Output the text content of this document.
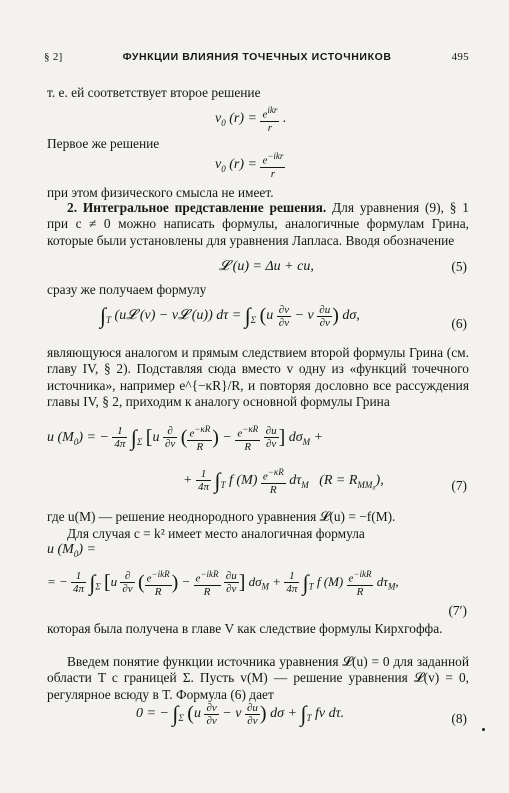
§ 2]	ФУНКЦИИ ВЛИЯНИЯ ТОЧЕЧНЫХ ИСТОЧНИКОВ	495
т. е. ей соответствует второе решение
$v_0$ $(r) = \frac{e^{ikr}}{r}$ .
Первое же решение
$v_0$ $(r) = \frac{e^{-ikr}}{r}$
при этом физического смысла не имеет.

2. Интегральное представление решения. Для уравнения (9), § 1 при c ≠ 0 можно написать формулы, аналогичные формулам Грина, которые были установлены для уравнения Лапласа. Вводя обозначение

𝓛 (u) = Δu + cu,	(5)
сразу же получаем формулу
$\int_T$ (u𝓛 (v) − v𝓛 (u)) $d\tau = \int_\Sigma$ ($u \frac{\partial v}{\partial\nu} - v \frac{\partial u}{\partial\nu}$ ) dσ,
(6)

являющуюся аналогом и прямым следствием второй формулы Грина (см. главу IV, § 2). Подставляя сюда вместо v одну из «функций точечного источника», например e^{−κR}/R, и повторяя дословно все рассуждения главы IV, § 2, приходим к аналогу основной формулы Грина

u $(M_0)$ = − $\frac{1}{4\pi} \int_\Sigma$ [$u \frac{\partial}{\partial\nu}$ ( $\frac{e^{-\kappa R}}{R}$ ) − $\frac{e^{-\kappa R}}{R}$
$\frac{\partial u}{\partial\nu}$ ] $d\sigma_M$ +
+ $\frac{1}{4\pi} \int_T$ f $(M) \frac{e^{-\kappa R}}{R} d\tau_M$   $(R = R_{MM_0})$,	(7)
где u(M) — решение неоднородного уравнения 𝓛(u) = −f(M).
Для случая c = k² имеет место аналогичная формула
u $(M_0)$ =
= − $\frac{1}{4\pi} \int_\Sigma$ [$u \frac{\partial}{\partial\nu}$ ( $\frac{e^{-ikR}}{R}$ ) − $\frac{e^{-ikR}}{R}$
$\frac{\partial u}{\partial\nu}$ ] $d\sigma_M + \frac{1}{4\pi} \int_T$ f $(M) \frac{e^{-ikR}}{R} d\tau_M$,
(7′)

которая была получена в главе V как следствие формулы Кирхгоффа.

Введем понятие функции источника уравнения 𝓛(u) = 0 для заданной области T с границей Σ. Пусть v(M) — решение уравнения 𝓛(v) = 0, регулярное всюду в T. Формула (6) дает

0 = − $\int_\Sigma$ ($u \frac{\partial v}{\partial\nu} - v \frac{\partial u}{\partial\nu}$ ) $d\sigma + \int_T$ fv dτ.	(8)
